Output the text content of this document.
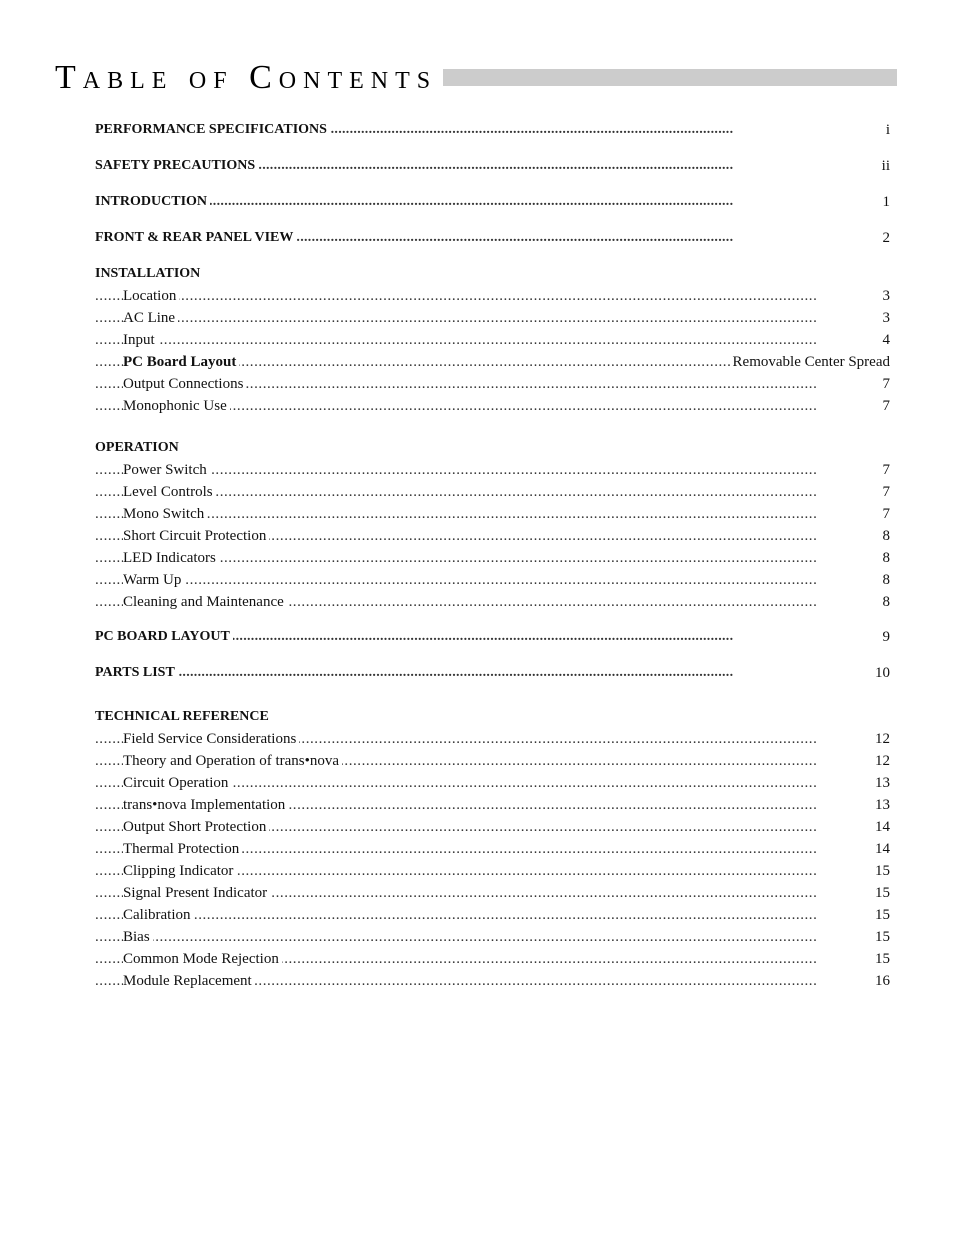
Table of Contents
. . . PERFORMANCE SPECIFICATIONS	i
. . . SAFETY PRECAUTIONS	ii
. . . INTRODUCTION	1
. . . FRONT & REAR PANEL VIEW	2
INSTALLATION
. . . Location	3
. . . AC Line	3
. . . Input	4
. . . PC Board Layout	Removable Center Spread
. . . Output Connections	7
. . . Monophonic Use	7
OPERATION
. . . Power Switch	7
. . . Level Controls	7
. . . Mono Switch	7
. . . Short Circuit Protection	8
. . . LED Indicators	8
. . . Warm Up	8
. . . Cleaning and Maintenance	8
. . . PC BOARD LAYOUT	9
. . . PARTS LIST	10
TECHNICAL REFERENCE
. . . Field Service Considerations	12
. . . Theory and Operation of trans•nova	12
. . . Circuit Operation	13
. . . trans•nova Implementation	13
. . . Output Short Protection	14
. . . Thermal Protection	14
. . . Clipping Indicator	15
. . . Signal Present Indicator	15
. . . Calibration	15
. . . Bias	15
. . . Common Mode Rejection	15
. . . Module Replacement	16
